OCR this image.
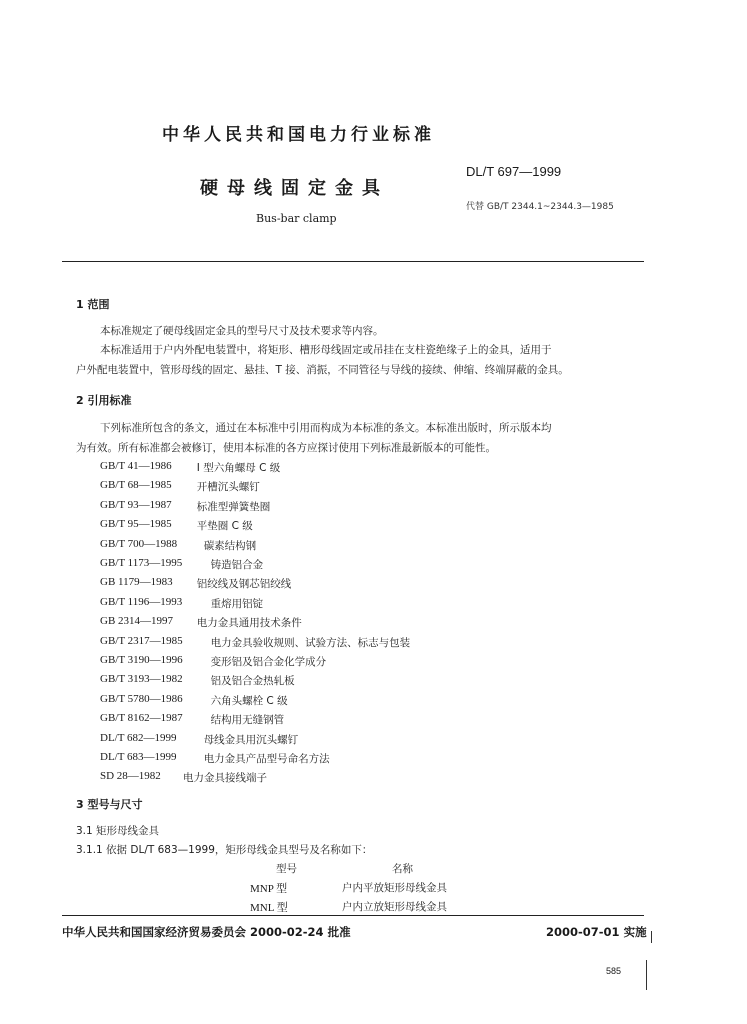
中华人民共和国电力行业标准
硬母线固定金具
Bus-bar clamp
DL/T 697—1999
代替 GB/T 2344.1~2344.3—1985
1 范围
本标准规定了硬母线固定金具的型号尺寸及技术要求等内容。
本标准适用于户内外配电装置中，将矩形、槽形母线固定或吊挂在支柱瓷绝缘子上的金具，适用于
户外配电装置中，管形母线的固定、悬挂、T 接、消振，不同管径与导线的接续、伸缩、终端屏蔽的金具。
2 引用标准
下列标准所包含的条文，通过在本标准中引用而构成为本标准的条文。本标准出版时，所示版本均
为有效。所有标准都会被修订，使用本标准的各方应探讨使用下列标准最新版本的可能性。
GB/T 41—1986 I 型六角螺母 C 级
GB/T 68—1985 开槽沉头螺钉
GB/T 93—1987 标准型弹簧垫圈
GB/T 95—1985 平垫圈 C 级
GB/T 700—1988	碳素结构钢
GB/T 1173—1995	铸造铝合金
GB 1179—1983 铝绞线及钢芯铝绞线
GB/T 1196—1993	重熔用铝锭
GB 2314—1997 电力金具通用技术条件
GB/T 2317—1985	电力金具验收规则、试验方法、标志与包装
GB/T 3190—1996	变形铝及铝合金化学成分
GB/T 3193—1982	铝及铝合金热轧板
GB/T 5780—1986	六角头螺栓 C 级
GB/T 8162—1987	结构用无缝钢管
DL/T 682—1999	母线金具用沉头螺钉
DL/T 683—1999	电力金具产品型号命名方法
SD 28—1982 电力金具接线端子
3 型号与尺寸
3.1 矩形母线金具
3.1.1 依据 DL/T 683—1999，矩形母线金具型号及名称如下：
型号	名称
MNP 型	户内平放矩形母线金具
MNL 型	户内立放矩形母线金具
中华人民共和国国家经济贸易委员会 2000-02-24 批准	2000-07-01 实施
585
